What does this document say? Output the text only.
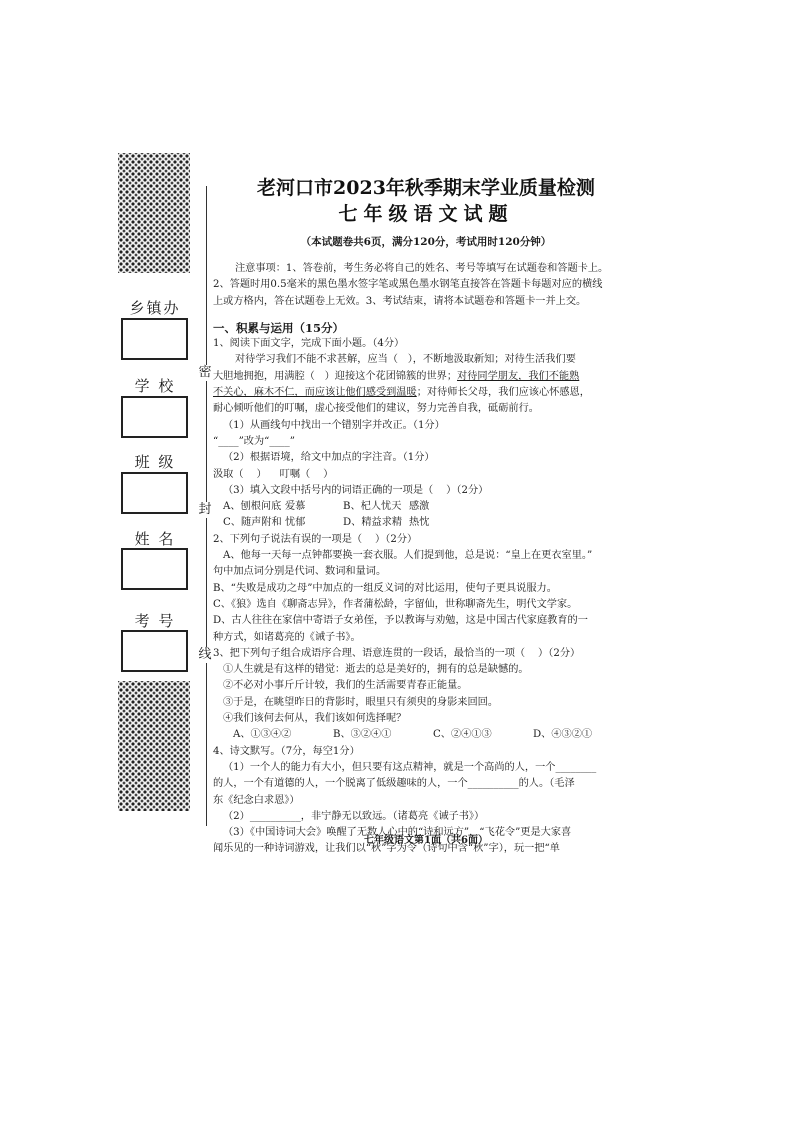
密
封
线
乡镇办
学 校
班 级
姓 名
考 号
老河口市2023年秋季期末学业质量检测
七年级语文试题
（本试题卷共6页，满分120分，考试用时120分钟）

注意事项：1、答卷前，考生务必将自己的姓名、考号等填写在试题卷和答题卡上。

2、答题时用0.5毫米的黑色墨水签字笔或黑色墨水钢笔直接答在答题卡每题对应的横线

上或方格内，答在试题卷上无效。3、考试结束，请将本试题卷和答题卡一并上交。

一、积累与运用（15分）

1、阅读下面文字，完成下面小题。（4分）

对待学习我们不能不求甚解，应当（   ），不断地汲取新知；对待生活我们要

大胆地拥抱，用满腔（   ）迎接这个花团锦簇的世界；对待同学朋友，我们不能熟

不关心，麻木不仁，而应该让他们感受到温暖；对待师长父母，我们应该心怀感恩，

耐心倾听他们的叮嘱，虚心接受他们的建议，努力完善自我，砥砺前行。

（1）从画线句中找出一个错别字并改正。（1分）

“____”改为“____”

（2）根据语境，给文中加点的字注音。（1分）

汲取（    ） 叮嘱（    ）

（3）填入文段中括号内的词语正确的一项是（    ）（2分）

A、刨根问底 爱慕	B、杞人忧天 感激
C、随声附和 忧郁	D、精益求精 热忱

2、下列句子说法有误的一项是（    ）（2分）

A、他每一天每一点钟都要换一套衣服。人们提到他，总是说：“皇上在更衣室里。”

句中加点词分别是代词、数词和量词。

B、“失败是成功之母”中加点的一组反义词的对比运用，使句子更具说服力。

C、《狼》选自《聊斋志异》，作者蒲松龄，字留仙，世称聊斋先生，明代文学家。

D、古人往往在家信中寄语子女弟侄，予以教诲与劝勉，这是中国古代家庭教育的一

种方式，如诸葛亮的《诫子书》。

3、把下列句子组合成语序合理、语意连贯的一段话，最恰当的一项（    ）（2分）

①人生就是有这样的错觉：逝去的总是美好的，拥有的总是缺憾的。

②不必对小事斤斤计较，我们的生活需要青春正能量。

③于是，在眺望昨日的背影时，眼里只有须臾的身影来回回。

④我们该何去何从，我们该如何选择呢？

A、①③④②	B、③②④①	C、②④①③	D、④③②①

4、诗文默写。（7分，每空1分）

（1）一个人的能力有大小，但只要有这点精神，就是一个高尚的人，一个________

的人，一个有道德的人，一个脱离了低级趣味的人，一个__________的人。（毛泽

东《纪念白求恩》）

（2）__________，非宁静无以致远。（诸葛亮《诫子书》）

（3）《中国诗词大会》唤醒了无数人心中的“诗和远方”，“飞花令”更是大家喜

闻乐见的一种诗词游戏，让我们以“秋”字为令（诗句中含“秋”字），玩一把“单

七年级语文第1面（共6面）
